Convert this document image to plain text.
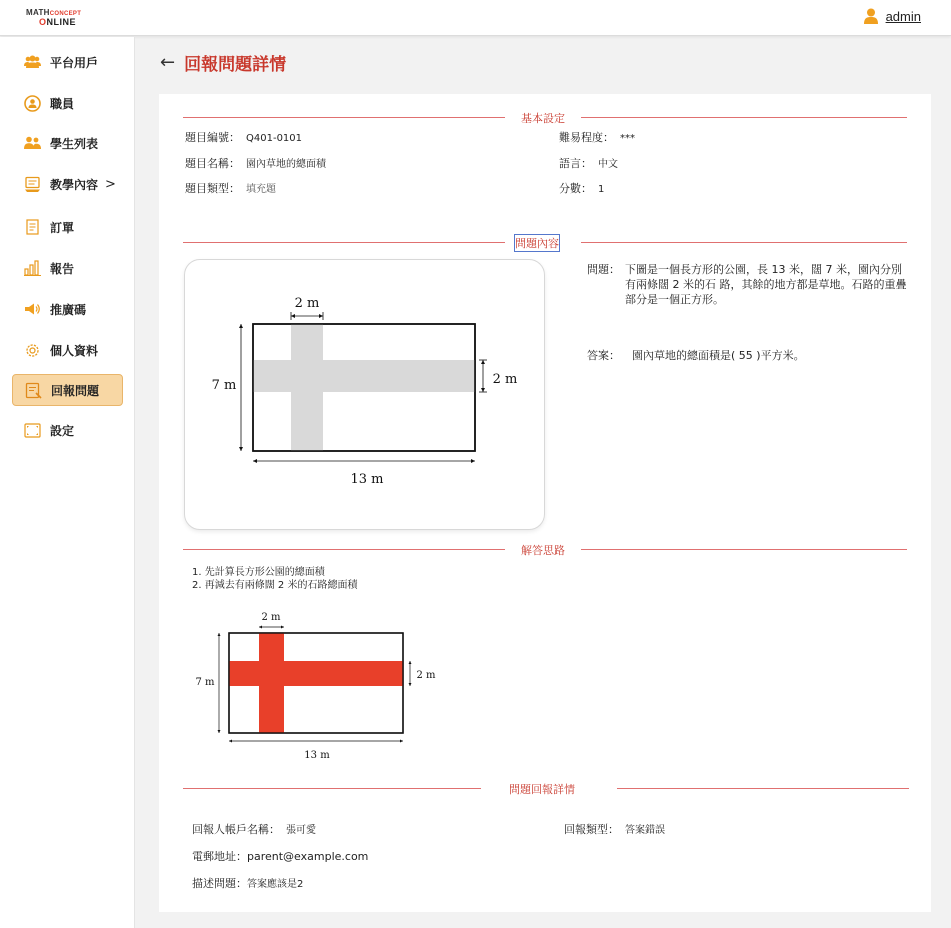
MATHCONCEPT
ONLINE	admin
平台用戶
職員
學生列表
教學內容 >
訂單
報告
推廣碼
個人資料
回報問題
設定
← 回報問題詳情
基本設定
題目編號： Q401-0101
題目名稱： 園內草地的總面積
題目類型： 填充題
難易程度： ***
語言： 中文
分數： 1
問題內容
2 m
7 m	2 m
13 m
問題： 下圖是一個長方形的公園，長 13 米，闊 7 米，園內分別有兩條闊 2 米的石 路，其餘的地方都是草地。石路的重疊部分是一個正方形。
答案： 園內草地的總面積是( 55 )平方米。
解答思路
1. 先計算長方形公園的總面積
2. 再減去有兩條闊 2 米的石路總面積
2 m
7 m
2 m
13 m
問題回報詳情
回報人帳戶名稱： 張可愛
電郵地址：parent@example.com
描述問題：答案應該是2
回報類型： 答案錯誤
